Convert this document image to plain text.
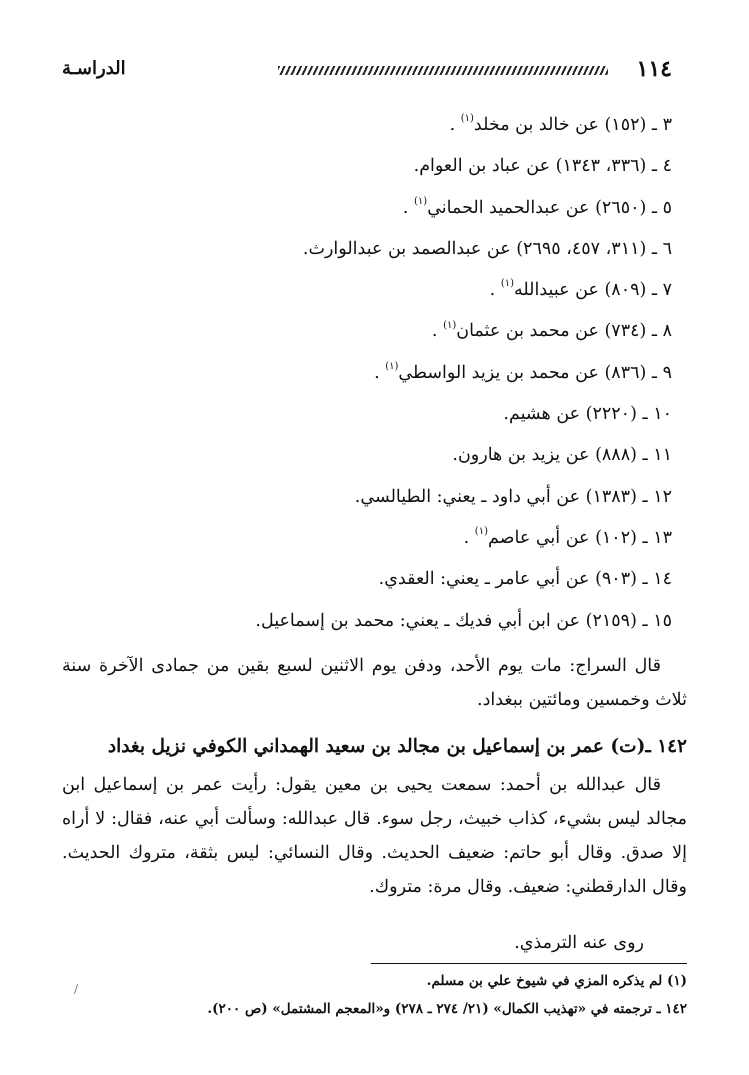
١١٤
الدراسـة
٣ ـ (١٥٢) عن خالد بن مخلد$^{(١)}$ .
٤ ـ (٣٣٦، ١٣٤٣) عن عباد بن العوام.
٥ ـ (٢٦٥٠) عن عبدالحميد الحماني$^{(١)}$ .
٦ ـ (٣١١، ٤٥٧، ٢٦٩٥) عن عبدالصمد بن عبدالوارث.
٧ ـ (٨٠٩) عن عبيدالله$^{(١)}$ .
٨ ـ (٧٣٤) عن محمد بن عثمان$^{(١)}$ .
٩ ـ (٨٣٦) عن محمد بن يزيد الواسطي$^{(١)}$ .
١٠ ـ (٢٢٢٠) عن هشيم.
١١ ـ (٨٨٨) عن يزيد بن هارون.
١٢ ـ (١٣٨٣) عن أبي داود ـ يعني: الطيالسي.
١٣ ـ (١٠٢) عن أبي عاصم$^{(١)}$ .
١٤ ـ (٩٠٣) عن أبي عامر ـ يعني: العقدي.
١٥ ـ (٢١٥٩) عن ابن أبي فديك ـ يعني: محمد بن إسماعيل.

قال السراج: مات يوم الأحد، ودفن يوم الاثنين لسبع بقين من جمادى الآخرة سنة ثلاث وخمسين ومائتين ببغداد.

١٤٢ ـ(ت) عمر بن إسماعيل بن مجالد بن سعيد الهمداني الكوفي نزيل بغداد

قال عبدالله بن أحمد: سمعت يحيى بن معين يقول: رأيت عمر بن إسماعيل ابن مجالد ليس بشيء، كذاب خبيث، رجل سوء. قال عبدالله: وسألت أبي عنه، فقال: لا أراه إلا صدق. وقال أبو حاتم: ضعيف الحديث. وقال النسائي: ليس بثقة، متروك الحديث. وقال الدارقطني: ضعيف. وقال مرة: متروك.

روى عنه الترمذي.

(١) لم يذكره المزي في شيوخ علي بن مسلم.
١٤٢ ـ ترجمته في «تهذيب الكمال» (٢١/ ٢٧٤ ـ ٢٧٨) و«المعجم المشتمل» (ص ٢٠٠).
/
